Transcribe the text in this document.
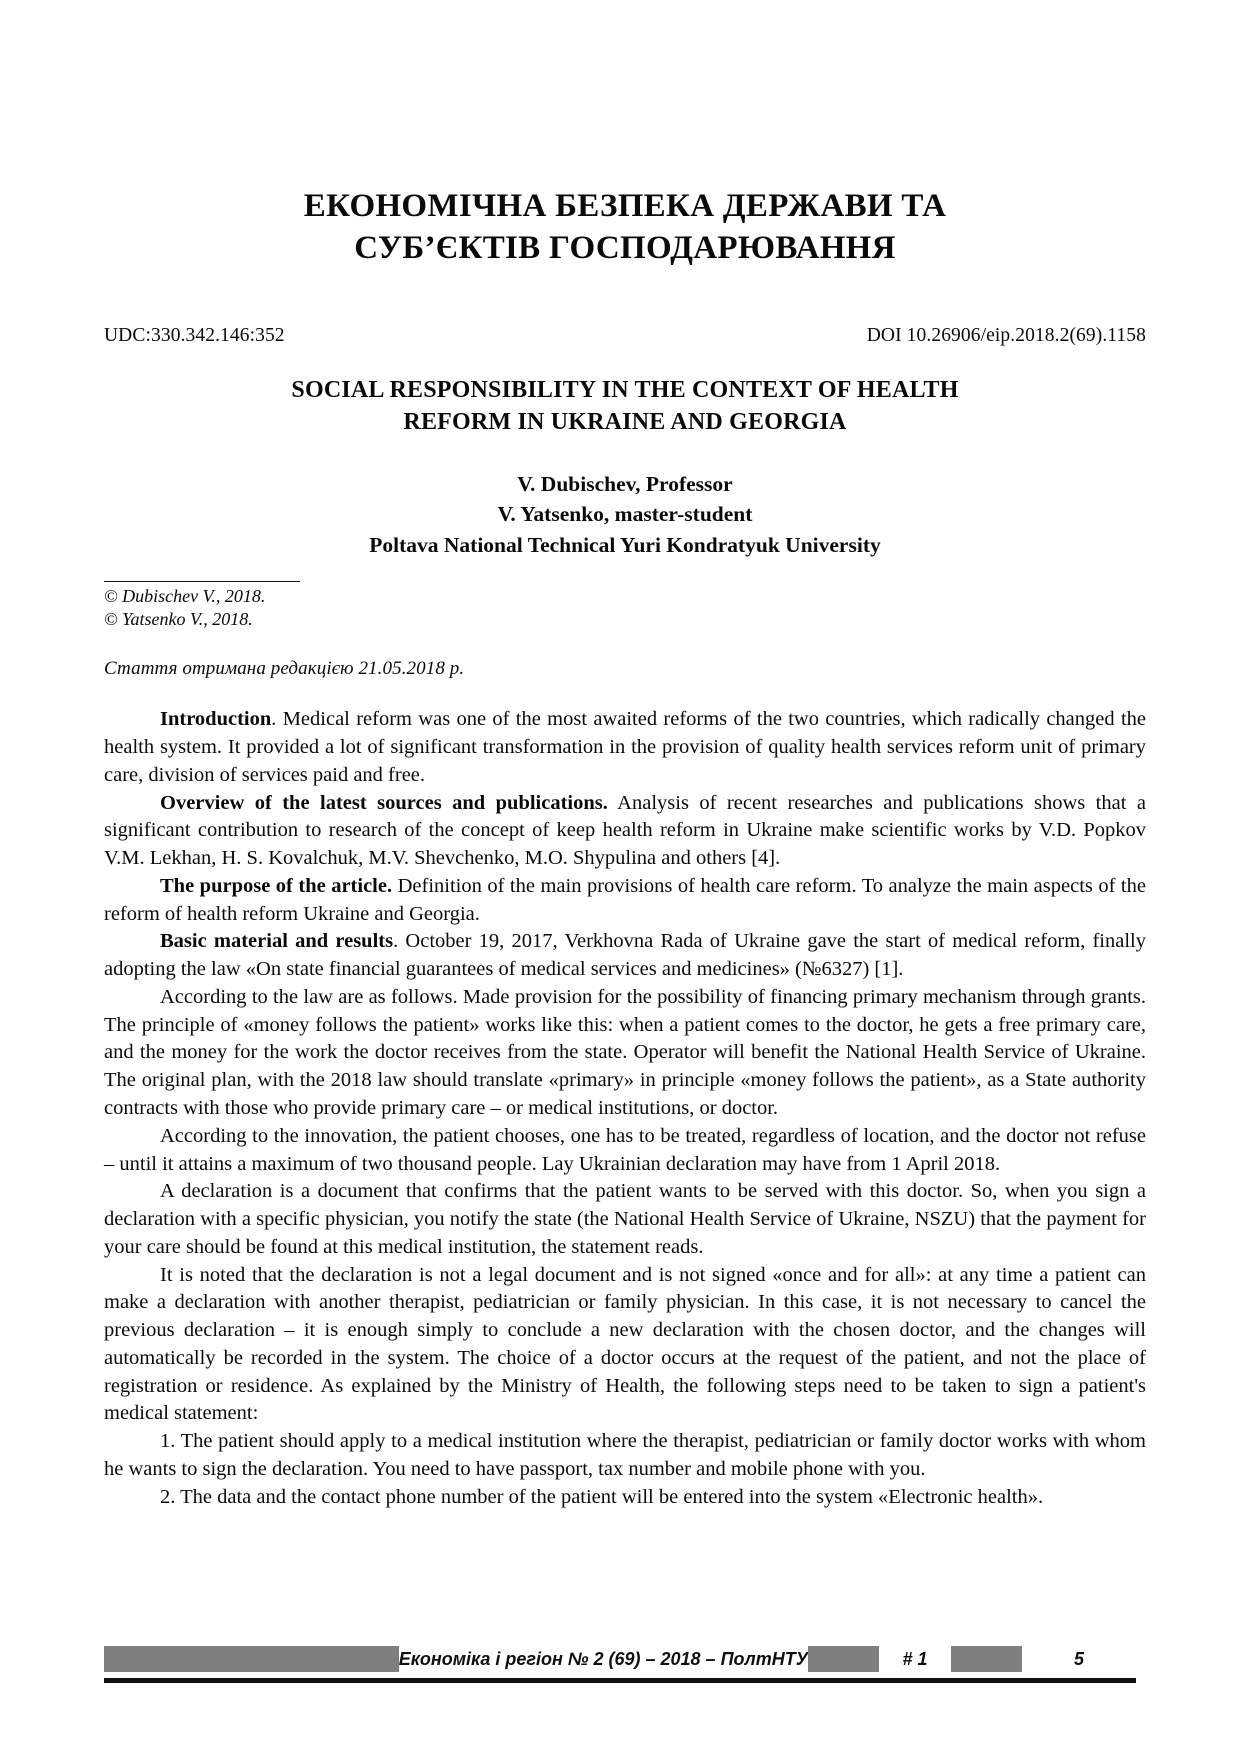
ЕКОНОМІЧНА БЕЗПЕКА ДЕРЖАВИ ТА
СУБ’ЄКТІВ ГОСПОДАРЮВАННЯ
UDC:330.342.146:352	DOI 10.26906/eip.2018.2(69).1158
SOCIAL RESPONSIBILITY IN THE CONTEXT OF HEALTH
REFORM IN UKRAINE AND GEORGIA
V. Dubischev, Professor
V. Yatsenko, master-student
Poltava National Technical Yuri Kondratyuk University

© Dubischev V., 2018.

© Yatsenko V., 2018.

Стаття отримана редакцією 21.05.2018 р.

Introduction. Medical reform was one of the most awaited reforms of the two countries, which radically changed the health system. It provided a lot of significant transformation in the provision of quality health services reform unit of primary care, division of services paid and free.

Overview of the latest sources and publications. Analysis of recent researches and publications shows that a significant contribution to research of the concept of keep health reform in Ukraine make scientific works by V.D. Popkov V.M. Lekhan, H. S. Kovalchuk, M.V. Shevchenko, M.O. Shypulina and others [4].

The purpose of the article. Definition of the main provisions of health care reform. To analyze the main aspects of the reform of health reform Ukraine and Georgia.

Basic material and results. October 19, 2017, Verkhovna Rada of Ukraine gave the start of medical reform, finally adopting the law «On state financial guarantees of medical services and medicines» (№6327) [1].

According to the law are as follows. Made provision for the possibility of financing primary mechanism through grants. The principle of «money follows the patient» works like this: when a patient comes to the doctor, he gets a free primary care, and the money for the work the doctor receives from the state. Operator will benefit the National Health Service of Ukraine. The original plan, with the 2018 law should translate «primary» in principle «money follows the patient», as a State authority contracts with those who provide primary care – or medical institutions, or doctor.

According to the innovation, the patient chooses, one has to be treated, regardless of location, and the doctor not refuse – until it attains a maximum of two thousand people. Lay Ukrainian declaration may have from 1 April 2018.

A declaration is a document that confirms that the patient wants to be served with this doctor. So, when you sign a declaration with a specific physician, you notify the state (the National Health Service of Ukraine, NSZU) that the payment for your care should be found at this medical institution, the statement reads.

It is noted that the declaration is not a legal document and is not signed «once and for all»: at any time a patient can make a declaration with another therapist, pediatrician or family physician. In this case, it is not necessary to cancel the previous declaration – it is enough simply to conclude a new declaration with the chosen doctor, and the changes will automatically be recorded in the system. The choice of a doctor occurs at the request of the patient, and not the place of registration or residence. As explained by the Ministry of Health, the following steps need to be taken to sign a patient's medical statement:

1. The patient should apply to a medical institution where the therapist, pediatrician or family doctor works with whom he wants to sign the declaration. You need to have passport, tax number and mobile phone with you.

2. The data and the contact phone number of the patient will be entered into the system «Electronic health».

Економіка і регіон № 2 (69) – 2018 – ПолтНТУ	# 1	5
